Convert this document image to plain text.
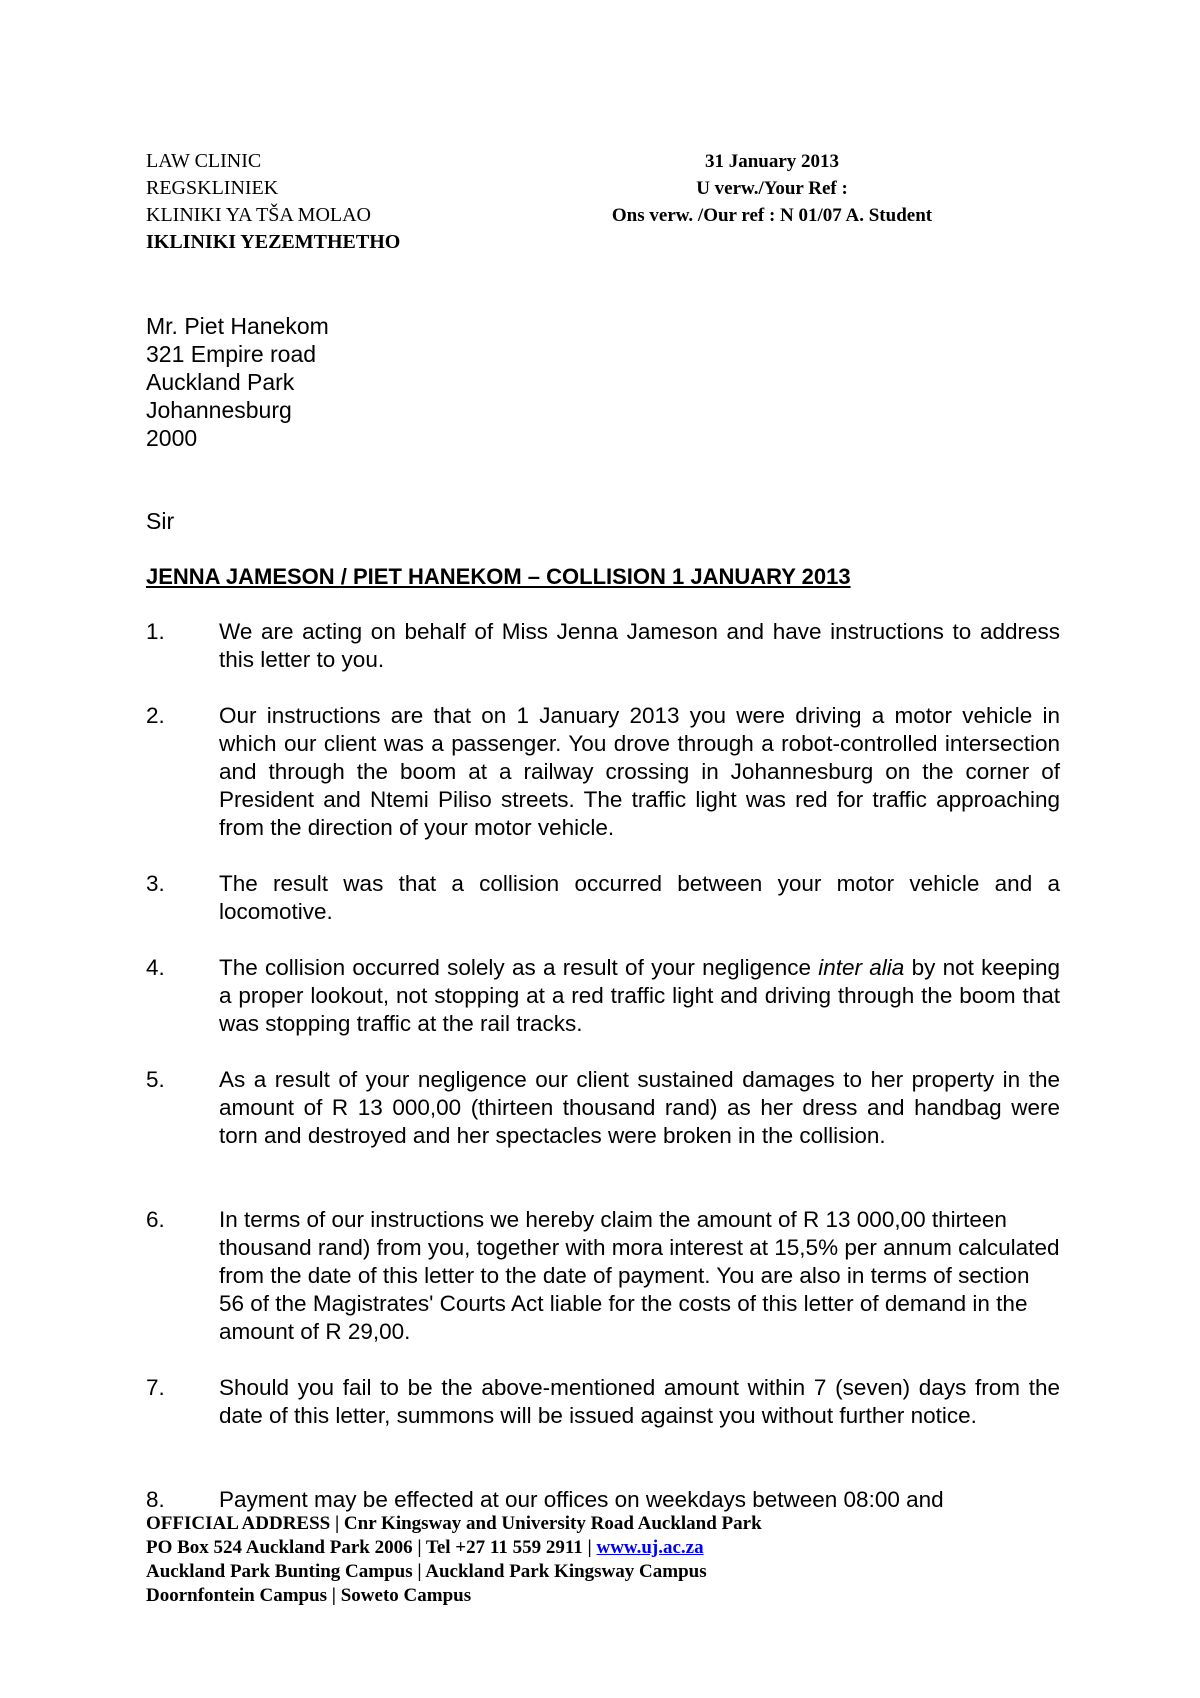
LAW CLINIC
REGSKLINIEK
KLINIKI YA TŠA MOLAO
IKLINIKI YEZEMTHETHO
31 January 2013
U verw./Your Ref :
Ons verw. /Our ref : N 01/07 A. Student
Mr. Piet Hanekom
321 Empire road
Auckland Park
Johannesburg
2000
Sir
JENNA JAMESON / PIET HANEKOM – COLLISION 1 JANUARY 2013
1.	We are acting on behalf of Miss Jenna Jameson and have instructions to address this letter to you.
2.	Our instructions are that on 1 January 2013 you were driving a motor vehicle in which our client was a passenger. You drove through a robot-controlled intersection and through the boom at a railway crossing in Johannesburg on the corner of President and Ntemi Piliso streets. The traffic light was red for traffic approaching from the direction of your motor vehicle.
3.	The result was that a collision occurred between your motor vehicle and a locomotive.
4.	The collision occurred solely as a result of your negligence inter alia by not keeping a proper lookout, not stopping at a red traffic light and driving through the boom that was stopping traffic at the rail tracks.
5.	As a result of your negligence our client sustained damages to her property in the amount of R 13 000,00 (thirteen thousand rand) as her dress and handbag were torn and destroyed and her spectacles were broken in the collision.
6.	In terms of our instructions we hereby claim the amount of R 13 000,00 thirteen thousand rand) from you, together with mora interest at 15,5% per annum calculated from the date of this letter to the date of payment. You are also in terms of section 56 of the Magistrates' Courts Act liable for the costs of this letter of demand in the amount of R 29,00.
7.	Should you fail to be the above-mentioned amount within 7 (seven) days from the date of this letter, summons will be issued against you without further notice.
8.	Payment may be effected at our offices on weekdays between 08:00 and
OFFICIAL ADDRESS | Cnr Kingsway and University Road Auckland Park
PO Box 524 Auckland Park 2006 | Tel +27 11 559 2911 | www.uj.ac.za
Auckland Park Bunting Campus | Auckland Park Kingsway Campus
Doornfontein Campus | Soweto Campus
